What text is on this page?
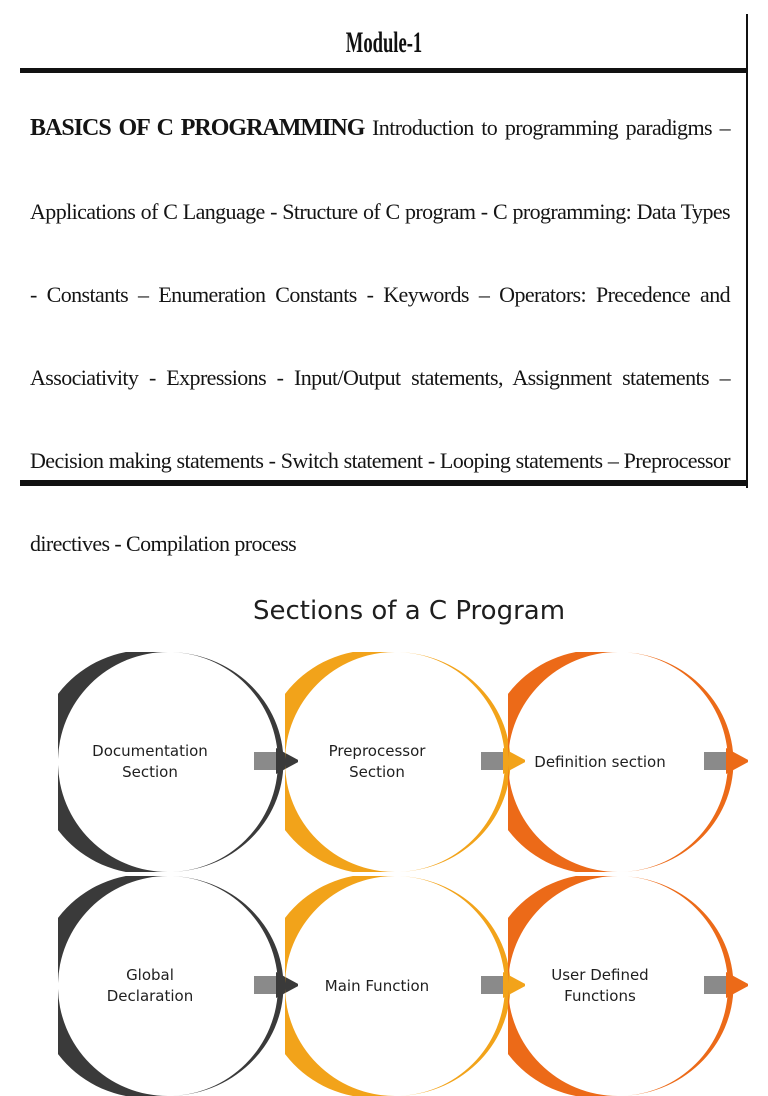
Module-1

BASICS OF C PROGRAMMING Introduction to programming paradigms – Applications of C Language - Structure of C program - C programming: Data Types - Constants – Enumeration Constants - Keywords – Operators: Precedence and Associativity - Expressions - Input/Output statements, Assignment statements – Decision making statements - Switch statement - Looping statements – Preprocessor directives - Compilation process

Sections of a C Program
Documentation
Section
Preprocessor
Section
Definition section
Global
Declaration
Main Function
User Defined
Functions
